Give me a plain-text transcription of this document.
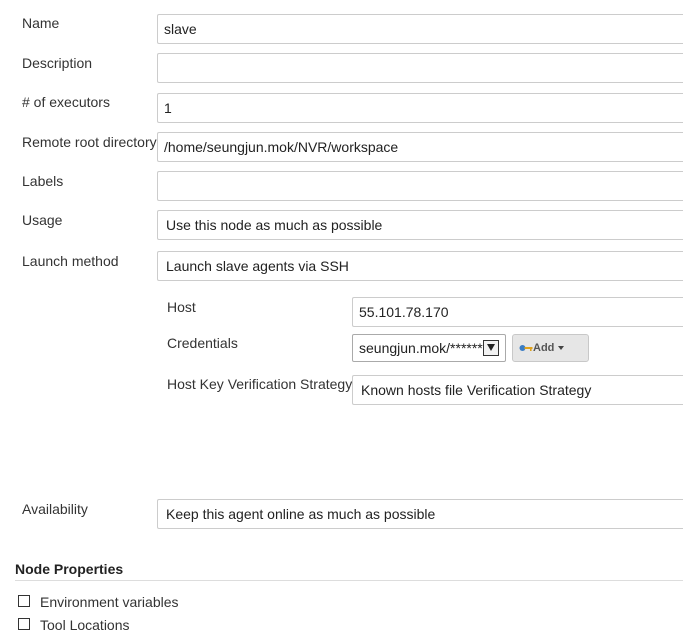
Name	slave
Description
# of executors	1
Remote root directory /home/seungjun.mok/NVR/workspace
Labels
Usage	Use this node as much as possible
Launch method	Launch slave agents via SSH
Host	55.101.78.170
Credentials	seungjun.mok/******	Add
Host Key Verification Strategy Known hosts file Verification Strategy
Availability	Keep this agent online as much as possible
Node Properties
Environment variables
Tool Locations
